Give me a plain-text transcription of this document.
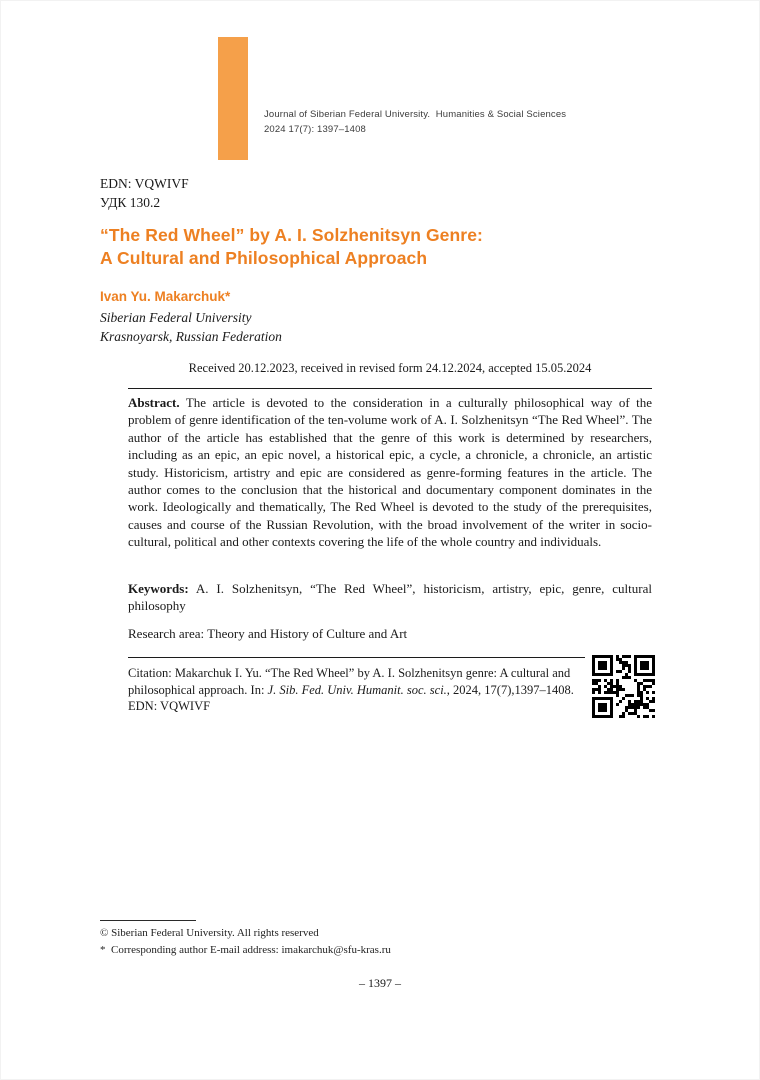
Journal of Siberian Federal University.  Humanities & Social Sciences
2024 17(7): 1397–1408
EDN: VQWIVF
УДК 130.2
“The Red Wheel” by A. I. Solzhenitsyn Genre:
A Cultural and Philosophical Approach
Ivan Yu. Makarchuk*
Siberian Federal University
Krasnoyarsk, Russian Federation
Received 20.12.2023, received in revised form 24.12.2024, accepted 15.05.2024

Abstract. The article is devoted to the consideration in a culturally philosophical way of the problem of genre identification of the ten-volume work of A. I. Solzhenitsyn “The Red Wheel”. The author of the article has established that the genre of this work is determined by researchers, including as an epic, an epic novel, a historical epic, a cycle, a chronicle, a chronicle, an artistic study. Historicism, artistry and epic are considered as genre-forming features in the article. The author comes to the conclusion that the historical and documentary component dominates in the work. Ideologically and thematically, The Red Wheel is devoted to the study of the prerequisites, causes and course of the Russian Revolution, with the broad involvement of the writer in socio-cultural, political and other contexts covering the life of the whole country and individuals.

Keywords: A. I. Solzhenitsyn, “The Red Wheel”, historicism, artistry, epic, genre, cultural philosophy

Research area: Theory and History of Culture and Art

Citation: Makarchuk I. Yu. “The Red Wheel” by A. I. Solzhenitsyn genre: A cultural and philosophical approach. In: J. Sib. Fed. Univ. Humanit. soc. sci., 2024, 17(7),1397–1408. EDN: VQWIVF

© Siberian Federal University. All rights reserved
*  Corresponding author E-mail address: imakarchuk@sfu-kras.ru
– 1397 –
